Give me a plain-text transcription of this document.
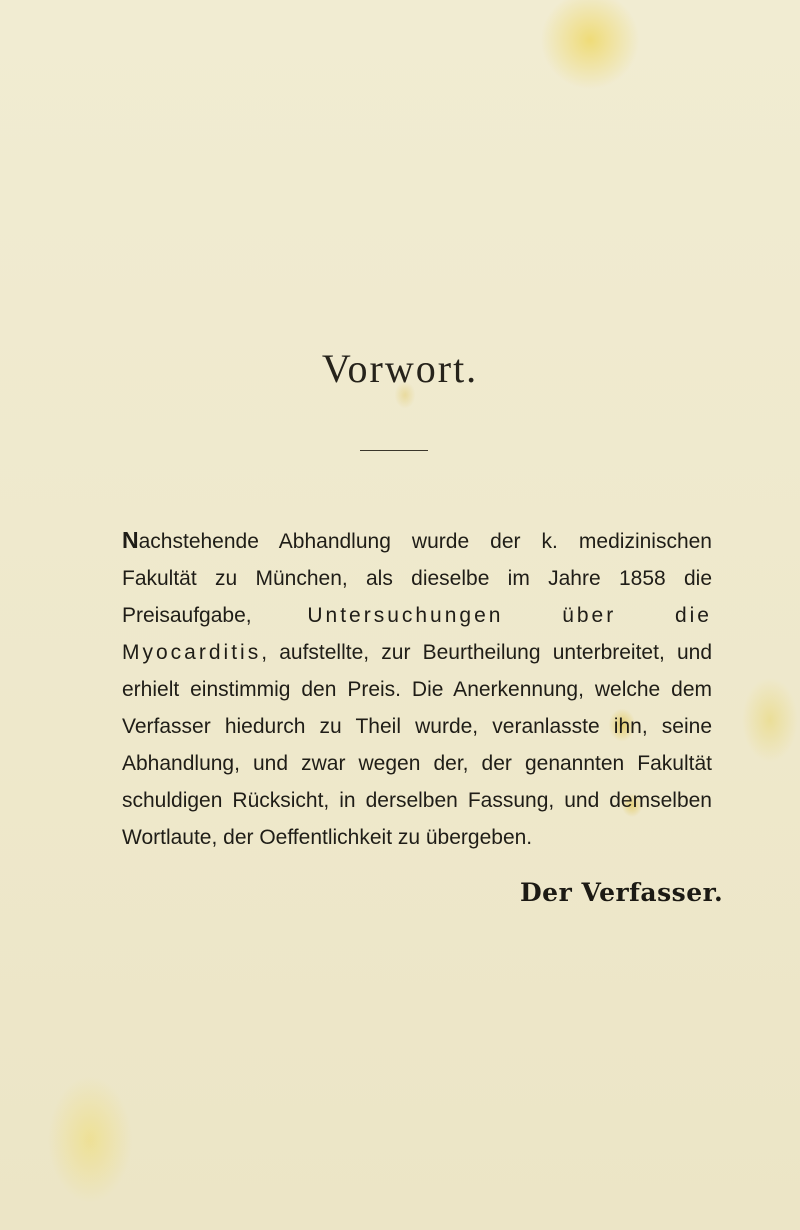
Vorwort.

Nachstehende Abhandlung wurde der k. medizinischen Fakultät zu München, als dieselbe im Jahre 1858 die Preisaufgabe, Untersuchungen über die Myocarditis, aufstellte, zur Beurtheilung unterbreitet, und erhielt einstimmig den Preis. Die Anerkennung, welche dem Verfasser hiedurch zu Theil wurde, veranlasste ihn, seine Abhandlung, und zwar wegen der, der genannten Fakultät schuldigen Rücksicht, in derselben Fassung, und demselben Wortlaute, der Oeffentlichkeit zu übergeben.

Der Verfasser.
